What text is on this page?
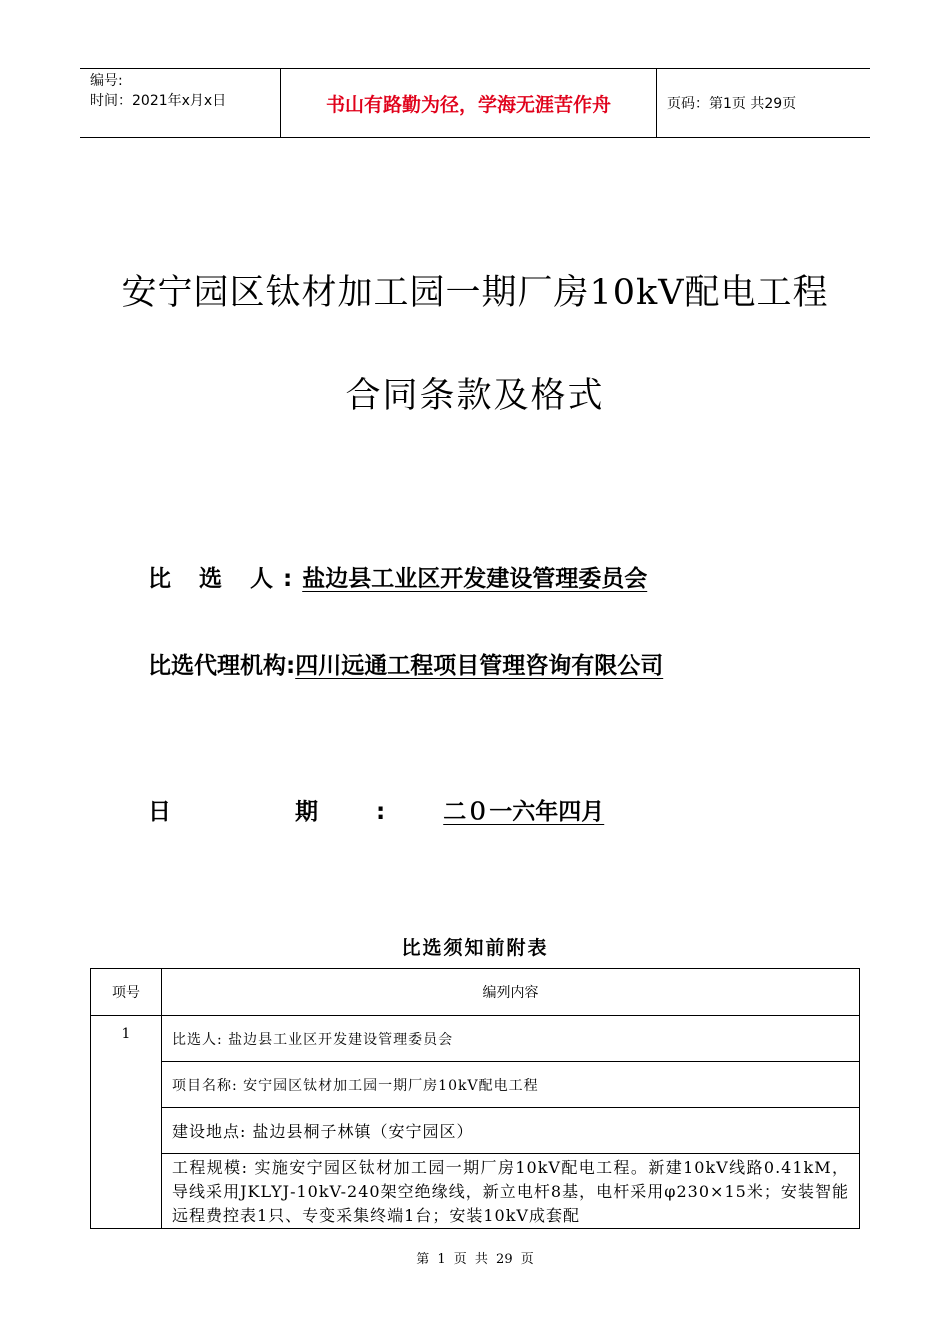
编号:
时间：2021年x月x日	书山有路勤为径，学海无涯苦作舟	页码：第1页 共29页
安宁园区钛材加工园一期厂房10kV配电工程
合同条款及格式
比 选 人:盐边县工业区开发建设管理委员会
比选代理机构:四川远通工程项目管理咨询有限公司
日 期:二０一六年四月
比选须知前附表
项号	编列内容
1	比选人: 盐边县工业区开发建设管理委员会
	项目名称: 安宁园区钛材加工园一期厂房10kV配电工程
	建设地点: 盐边县桐子林镇（安宁园区）
	工程规模: 实施安宁园区钛材加工园一期厂房10kV配电工程。新建10kV线路0.41kM，导线采用JKLYJ-10kV-240架空绝缘线，新立电杆8基，电杆采用φ230×15米；安装智能远程费控表1只、专变采集终端1台；安装10kV成套配
第 1 页 共 29 页
